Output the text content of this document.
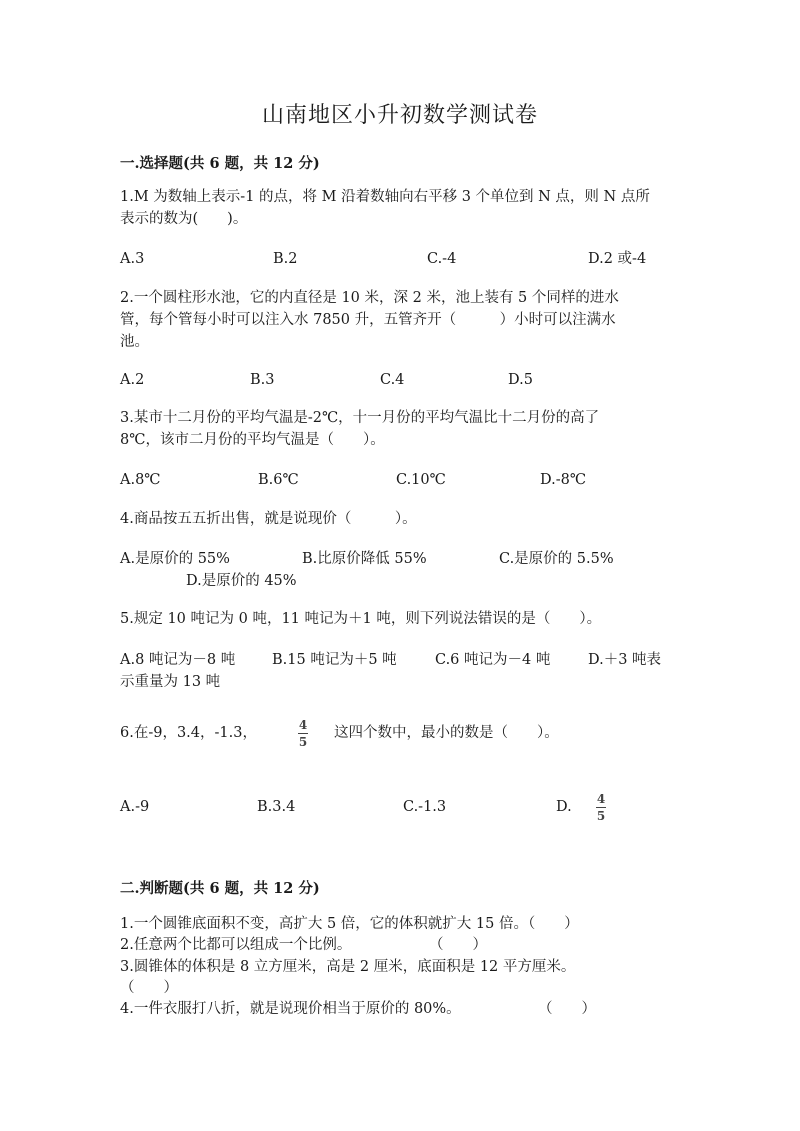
山南地区小升初数学测试卷
一.选择题(共 6 题，共 12 分)
1.M 为数轴上表示-1 的点，将 M 沿着数轴向右平移 3 个单位到 N 点，则 N 点所
表示的数为(　　)。
A.3	B.2	C.-4	D.2 或-4
2.一个圆柱形水池，它的内直径是 10 米，深 2 米，池上装有 5 个同样的进水
管，每个管每小时可以注入水 7850 升，五管齐开（　　　）小时可以注满水
池。
A.2	B.3	C.4	D.5
3.某市十二月份的平均气温是-2℃，十一月份的平均气温比十二月份的高了
8℃，该市二月份的平均气温是（　　）。
A.8℃	B.6℃	C.10℃	D.-8℃
4.商品按五五折出售，就是说现价（　　　）。
A.是原价的 55%	B.比原价降低 55%	C.是原价的 5.5%
D.是原价的 45%
5.规定 10 吨记为 0 吨，11 吨记为＋1 吨，则下列说法错误的是（　　）。
A.8 吨记为－8 吨	B.15 吨记为＋5 吨	C.6 吨记为－4 吨	D.＋3 吨表
示重量为 13 吨
6.在-9，3.4，-1.3，	4
5
这四个数中，最小的数是（　　）。
A.-9	B.3.4	C.-1.3	D. 4
5
二.判断题(共 6 题，共 12 分)
1.一个圆锥底面积不变，高扩大 5 倍，它的体积就扩大 15 倍。（　　）
2.任意两个比都可以组成一个比例。	（　　）
3.圆锥体的体积是 8 立方厘米，高是 2 厘米，底面积是 12 平方厘米。
（　　）
4.一件衣服打八折，就是说现价相当于原价的 80%。	（　　）
